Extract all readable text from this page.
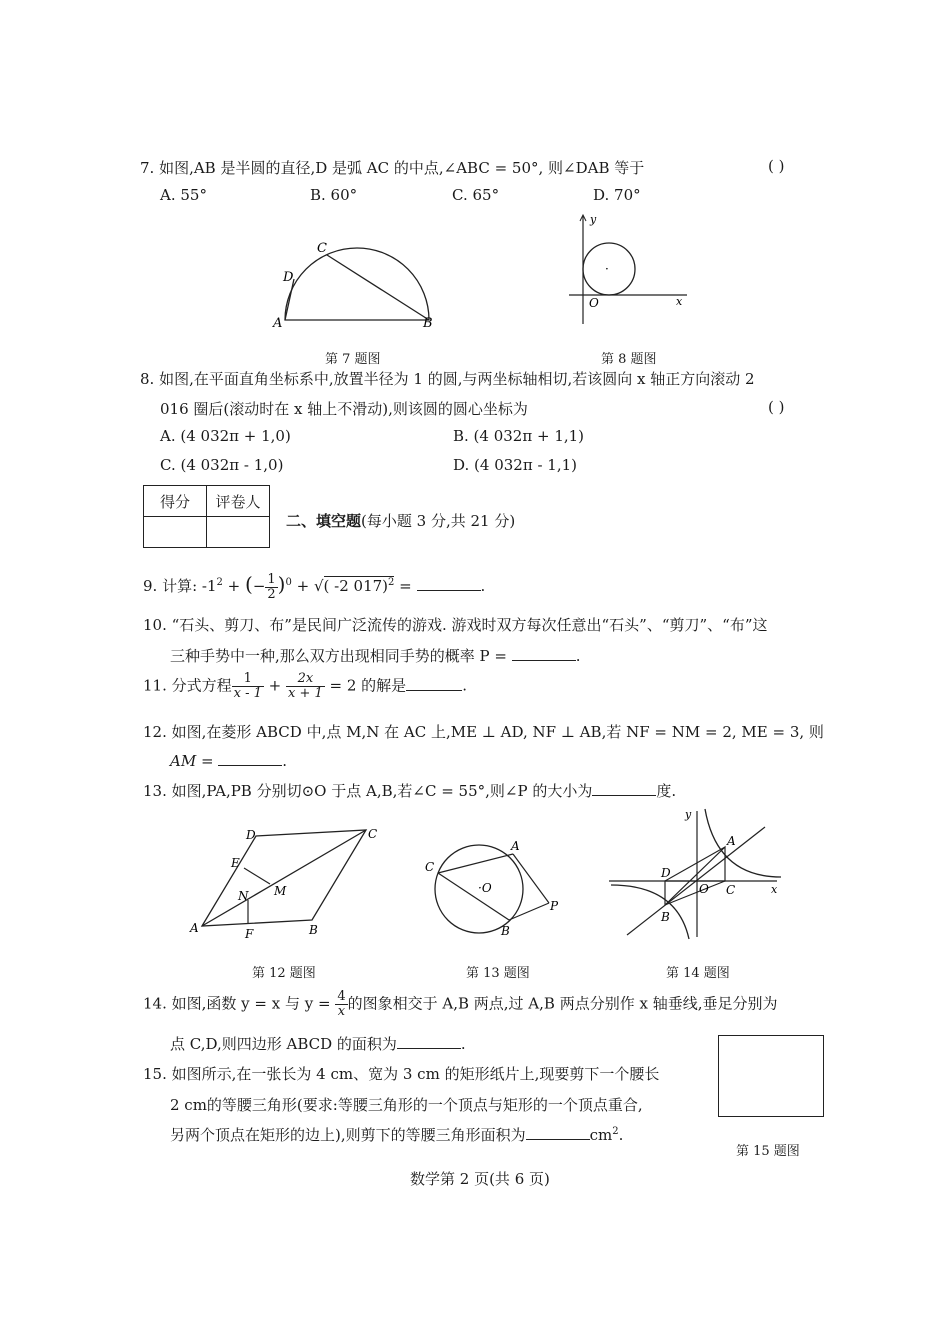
7. 如图,AB 是半圆的直径,D 是弧 AC 的中点,∠ABC = 50°, 则∠DAB 等于	( )
A. 55°	B. 60°	C. 65°	D. 70°
C
D
A	B
第 7 题图
·
y
O	x
第 8 题图
8. 如图,在平面直角坐标系中,放置半径为 1 的圆,与两坐标轴相切,若该圆向 x 轴正方向滚动 2
016 圈后(滚动时在 x 轴上不滑动),则该圆的圆心坐标为	( )
A. (4 032π + 1,0)	B. (4 032π + 1,1)
C. (4 032π - 1,0)	D. (4 032π - 1,1)
得分	评卷人

二、填空题(每小题 3 分,共 21 分)
9. 计算: $-1^2$ + (− $\frac{1}{2} )^0$ + √( -2 017)$^2$ =	.
10. “石头、剪刀、布”是民间广泛流传的游戏. 游戏时双方每次任意出“石头”、“剪刀”、“布”这
三种手势中一种,那么双方出现相同手势的概率 P =	.
11. 分式方程 $\frac{1}{x - 1} + \frac{2x}{x + 1} = 2$ 的解是	.
12. 如图,在菱形 ABCD 中,点 M,N 在 AC 上,ME ⊥ AD, NF ⊥ AB,若 NF = NM = 2, ME = 3, 则
AM =	.
13. 如图,PA,PB 分别切⊙O 于点 A,B,若∠C = 55°,则∠P 的大小为	度.
D	C
E
M
N
A	F	B
第 12 题图
C
A
·O
B
P
第 13 题图
y
A
D
O C	x
B
第 14 题图
14. 如图,函数 y = x 与 $y = \frac{4}{x}$ 的图象相交于 A,B 两点,过 A,B 两点分别作 x 轴垂线,垂足分别为
点 C,D,则四边形 ABCD 的面积为	.
15. 如图所示,在一张长为 4 cm、宽为 3 cm 的矩形纸片上,现要剪下一个腰长
2 cm的等腰三角形(要求:等腰三角形的一个顶点与矩形的一个顶点重合,
另两个顶点在矩形的边上),则剪下的等腰三角形面积为	$cm^2$.
第 15 题图
数学第 2 页(共 6 页)
